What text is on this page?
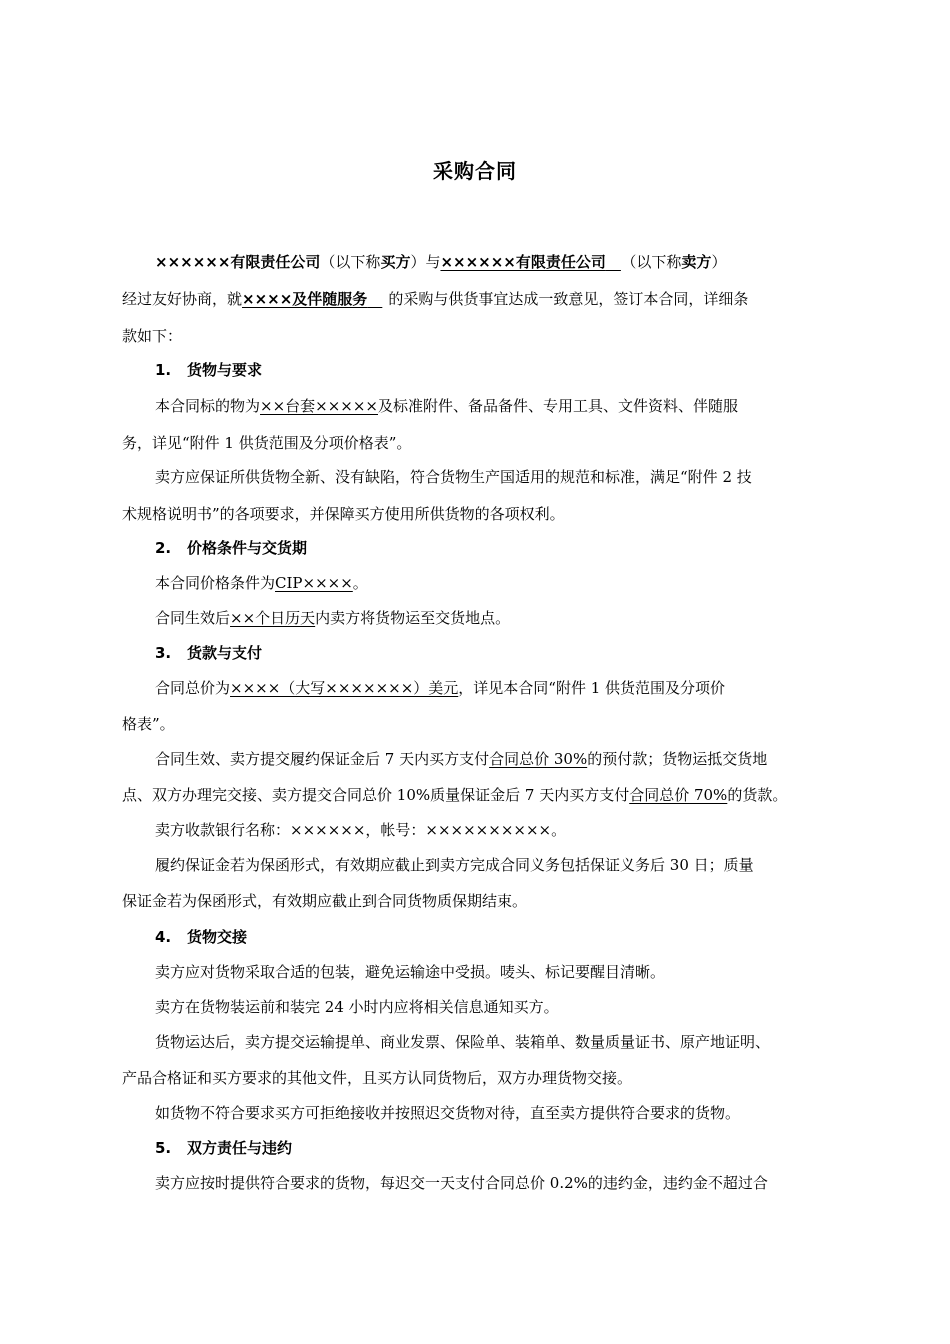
采购合同
××××××有限责任公司（以下称买方）与××××××有限责任公司　 （以下称卖方）
经过友好协商，就××××及伴随服务　 的采购与供货事宜达成一致意见，签订本合同，详细条
款如下：
1. 货物与要求
本合同标的物为××台套×××××及标准附件、备品备件、专用工具、文件资料、伴随服
务，详见“附件 1 供货范围及分项价格表”。
卖方应保证所供货物全新、没有缺陷，符合货物生产国适用的规范和标准，满足“附件 2 技
术规格说明书”的各项要求，并保障买方使用所供货物的各项权利。
2. 价格条件与交货期
本合同价格条件为CIP××××。
合同生效后××个日历天内卖方将货物运至交货地点。
3. 货款与支付
合同总价为××××（大写×××××××）美元，详见本合同“附件 1 供货范围及分项价
格表”。
合同生效、卖方提交履约保证金后 7 天内买方支付合同总价 30%的预付款；货物运抵交货地
点、双方办理完交接、卖方提交合同总价 10%质量保证金后 7 天内买方支付合同总价 70%的货款。
卖方收款银行名称：××××××，帐号：××××××××××。
履约保证金若为保函形式，有效期应截止到卖方完成合同义务包括保证义务后 30 日；质量
保证金若为保函形式，有效期应截止到合同货物质保期结束。
4. 货物交接
卖方应对货物采取合适的包装，避免运输途中受损。唛头、标记要醒目清晰。
卖方在货物装运前和装完 24 小时内应将相关信息通知买方。
货物运达后，卖方提交运输提单、商业发票、保险单、装箱单、数量质量证书、原产地证明、
产品合格证和买方要求的其他文件，且买方认同货物后，双方办理货物交接。
如货物不符合要求买方可拒绝接收并按照迟交货物对待，直至卖方提供符合要求的货物。
5. 双方责任与违约
卖方应按时提供符合要求的货物，每迟交一天支付合同总价 0.2%的违约金，违约金不超过合
